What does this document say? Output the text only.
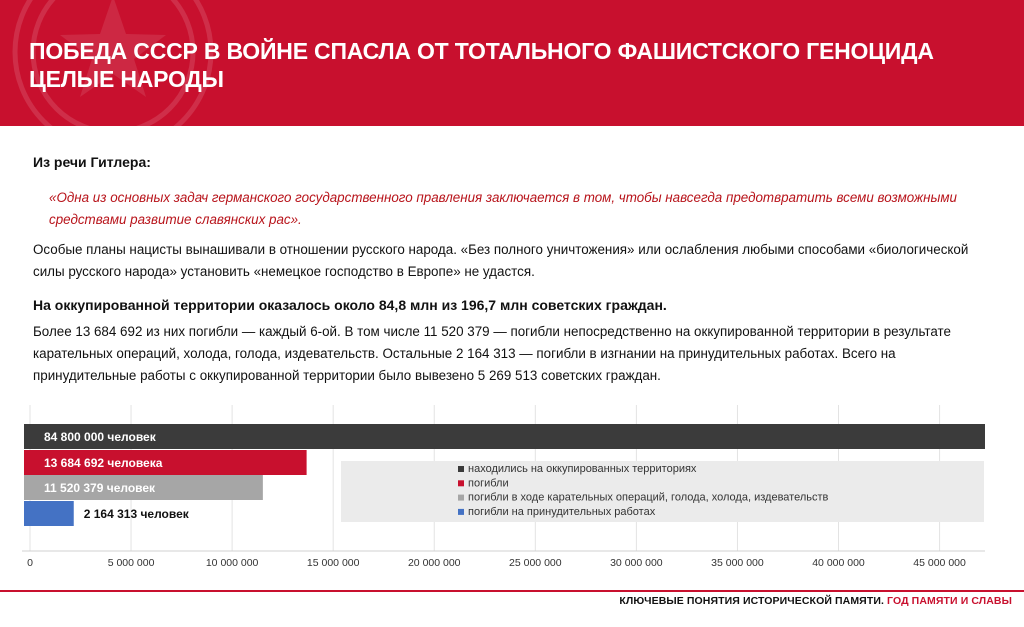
ПОБЕДА СССР В ВОЙНЕ СПАСЛА ОТ ТОТАЛЬНОГО ФАШИСТСКОГО ГЕНОЦИДА ЦЕЛЫЕ НАРОДЫ
Из речи Гитлера:
«Одна из основных задач германского государственного правления заключается в том, чтобы навсегда предотвратить всеми возможными средствами развитие славянских рас».
Особые планы нацисты вынашивали в отношении русского народа. «Без полного уничтожения» или ослабления любыми способами «биологической силы русского народа» установить «немецкое господство в Европе» не удастся.
На оккупированной территории оказалось около 84,8 млн из 196,7 млн советских граждан.
Более 13 684 692 из них погибли — каждый 6-ой. В том числе 11 520 379 — погибли непосредственно на оккупированной территории в результате карательных операций, холода, голода, издевательств. Остальные 2 164 313 — погибли в изгнании на принудительных работах. Всего на принудительные работы с оккупированной территории было вывезено 5 269 513 советских граждан.
84 800 000 человек
13 684 692 человека
11 520 379 человек
2 164 313 человек
находились на оккупированных территориях
погибли
погибли в ходе карательных операций, голода, холода, издевательств
погибли на принудительных работах
0	5 000 000	10 000 000	15 000 000	20 000 000	25 000 000	30 000 000	35 000 000	40 000 000	45 000 000
КЛЮЧЕВЫЕ ПОНЯТИЯ ИСТОРИЧЕСКОЙ ПАМЯТИ. ГОД ПАМЯТИ И СЛАВЫ
